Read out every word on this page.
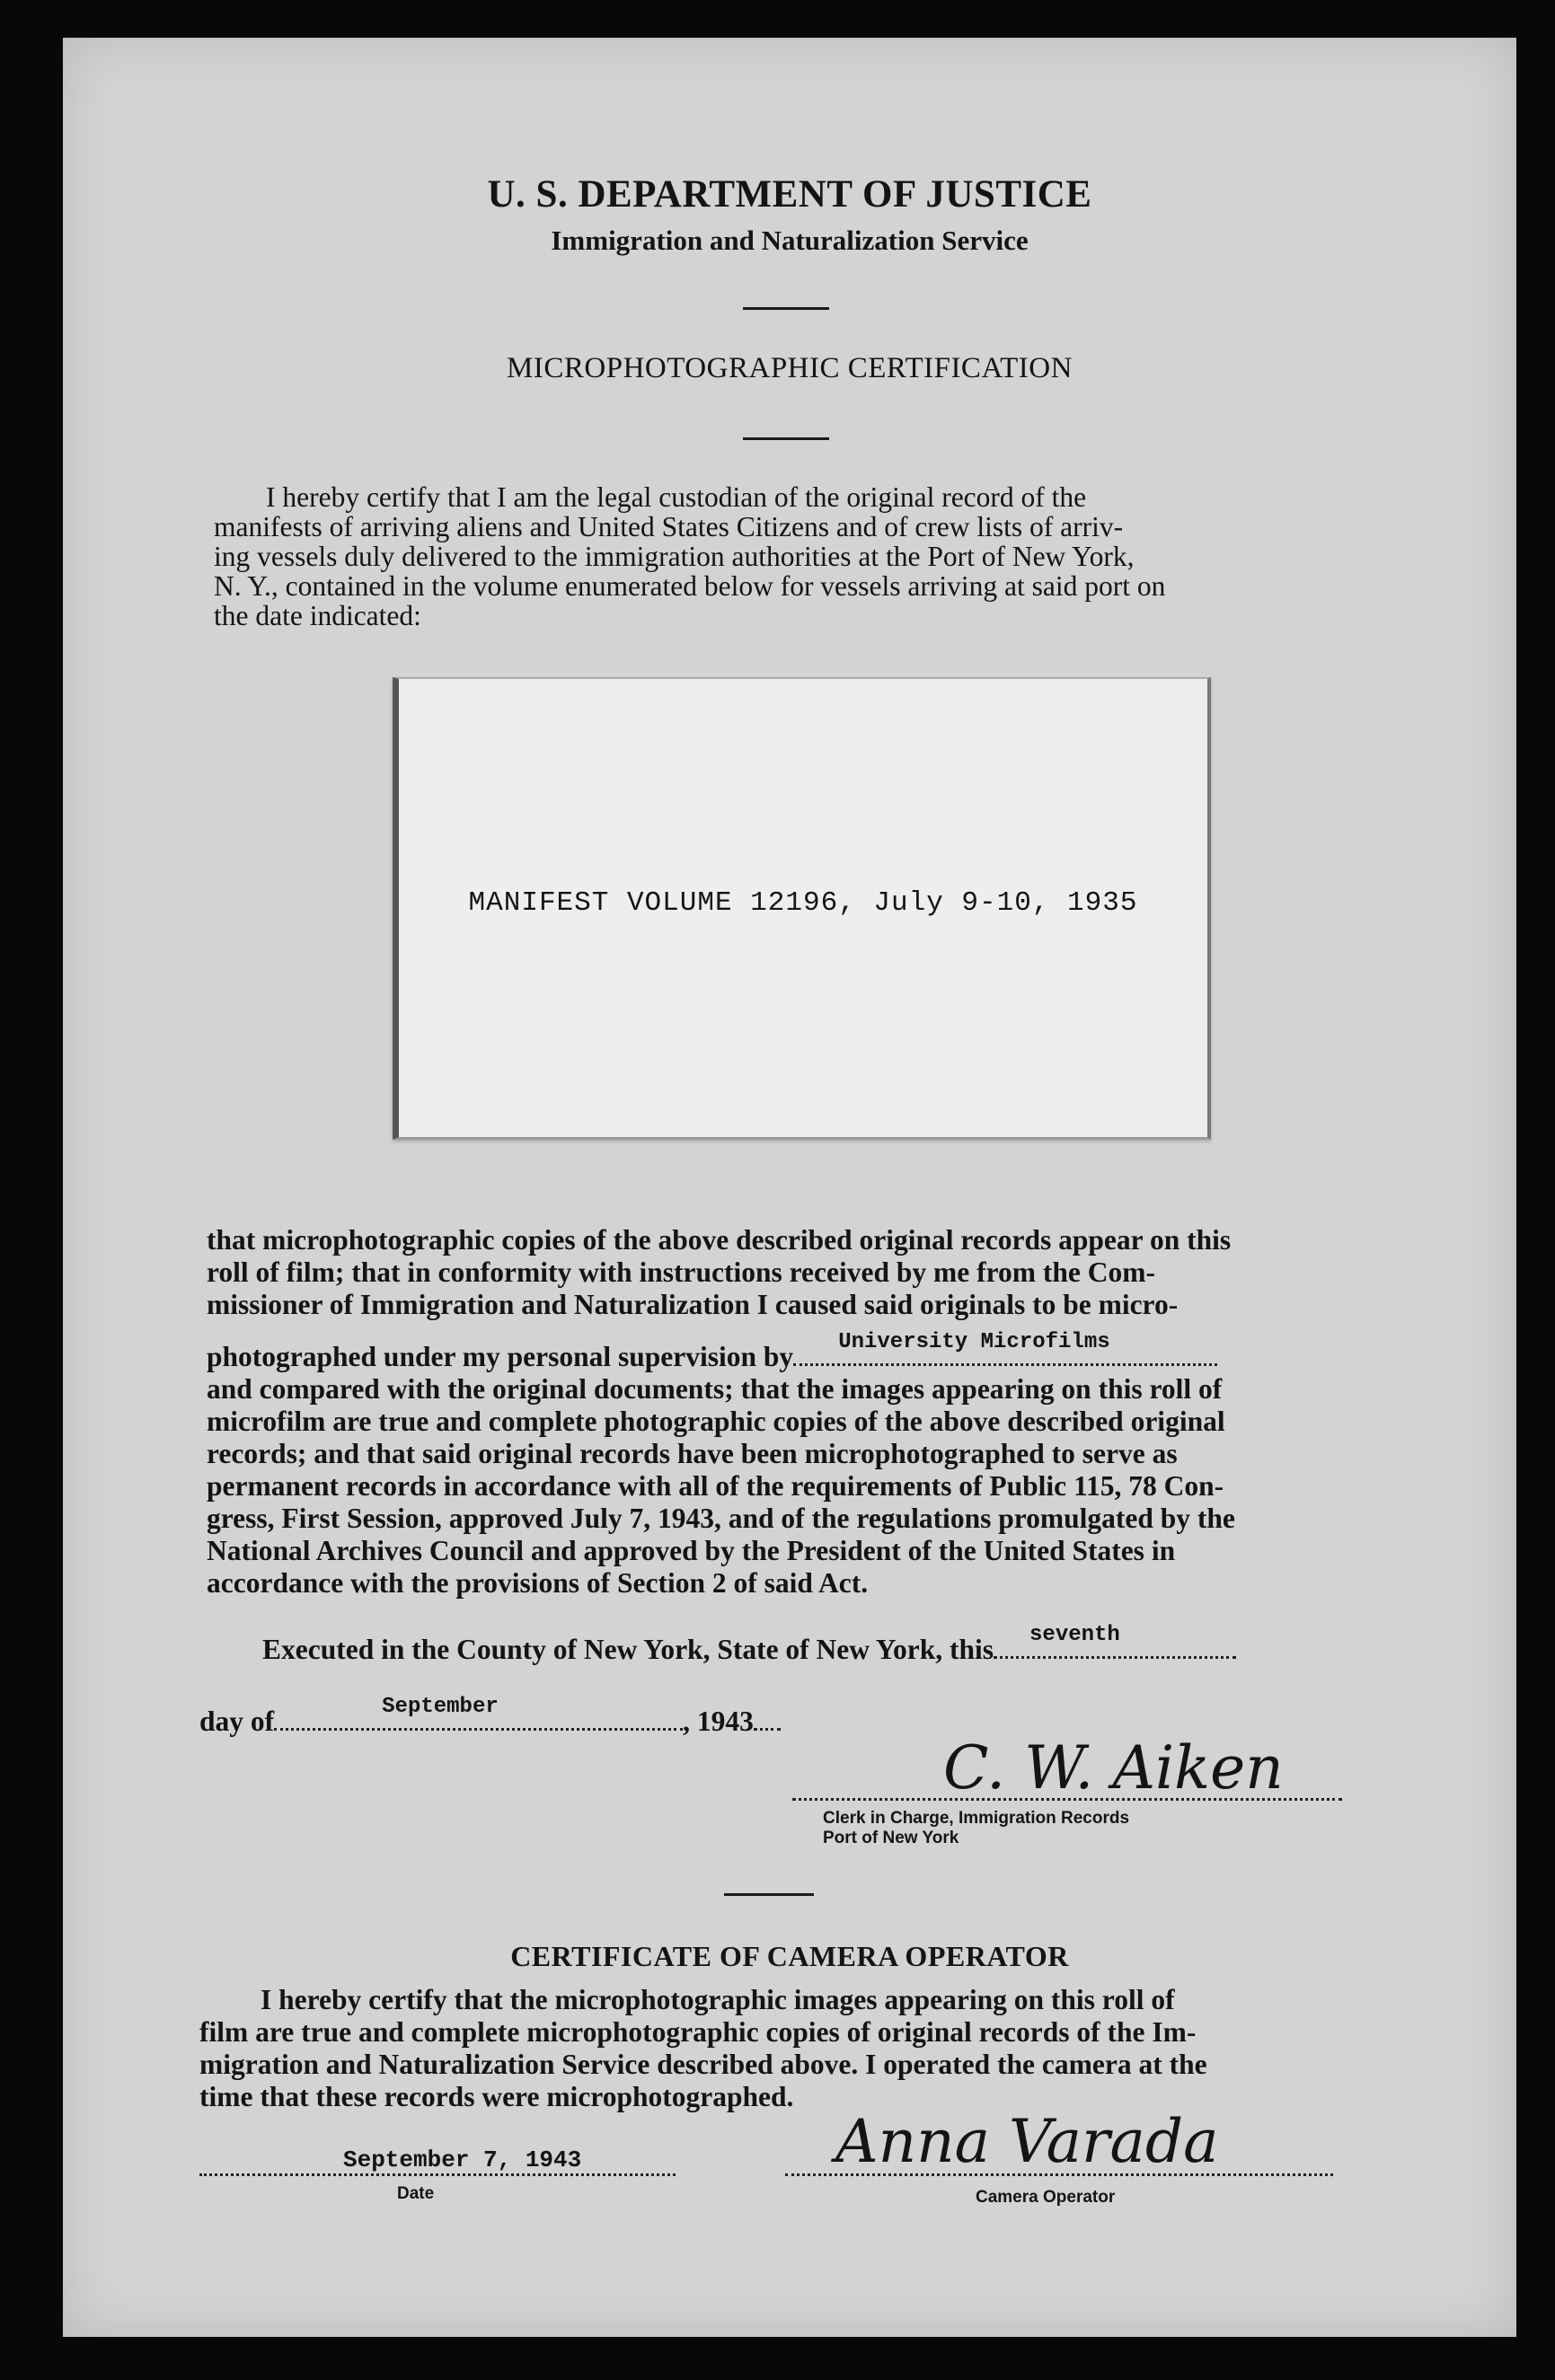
U. S. DEPARTMENT OF JUSTICE
Immigration and Naturalization Service
MICROPHOTOGRAPHIC CERTIFICATION
I hereby certify that I am the legal custodian of the original record of the
manifests of arriving aliens and United States Citizens and of crew lists of arriv-
ing vessels duly delivered to the immigration authorities at the Port of New York,
N. Y., contained in the volume enumerated below for vessels arriving at said port on
the date indicated:
MANIFEST VOLUME 12196, July 9-10, 1935
that microphotographic copies of the above described original records appear on this
roll of film; that in conformity with instructions received by me from the Com-
missioner of Immigration and Naturalization I caused said originals to be micro-
photographed under my personal supervision by University Microfilms
and compared with the original documents; that the images appearing on this roll of
microfilm are true and complete photographic copies of the above described original
records; and that said original records have been microphotographed to serve as
permanent records in accordance with all of the requirements of Public 115, 78 Con-
gress, First Session, approved July 7, 1943, and of the regulations promulgated by the
National Archives Council and approved by the President of the United States in
accordance with the provisions of Section 2 of said Act.
Executed in the County of New York, State of New York, this seventh
day of	September	, 1943
C. W. Aiken
Clerk in Charge, Immigration Records
Port of New York
CERTIFICATE OF CAMERA OPERATOR
I hereby certify that the microphotographic images appearing on this roll of
film are true and complete microphotographic copies of original records of the Im-
migration and Naturalization Service described above. I operated the camera at the
time that these records were microphotographed.
September 7, 1943
Date
Anna Varada
Camera Operator
